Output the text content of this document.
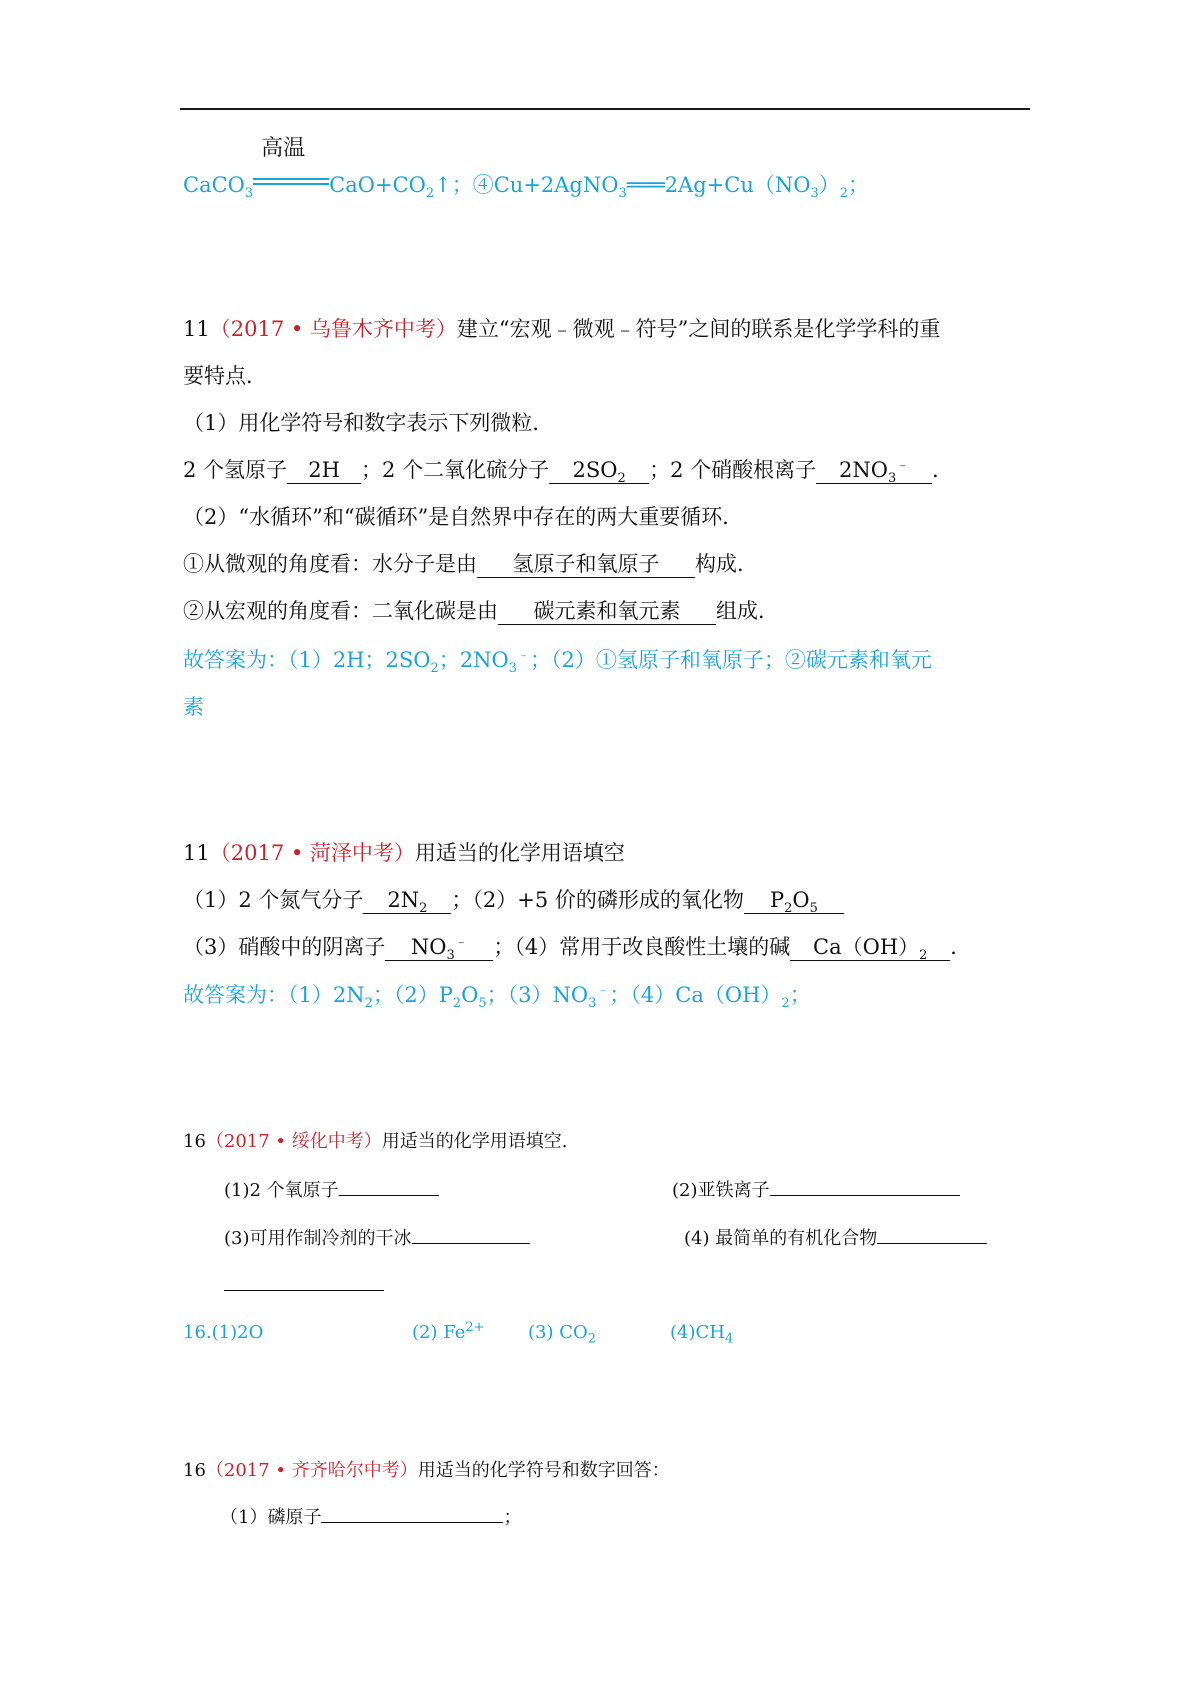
CaCO$_3$
高温
$CaO+CO_2↑$；$④Cu+2AgNO_3═══2Ag+Cu(NO_3)_2$；
11（2017 • 乌鲁木齐中考）建立“宏观﹣微观﹣符号”之间的联系是化学学科的重
要特点．
（1）用化学符号和数字表示下列微粒．
2 个氢原子 2H ；2 个二氧化硫分子 $2SO_2$ ；2 个硝酸根离子 $2NO_3^﹣$ ．
（2）“水循环”和“碳循环”是自然界中存在的两大重要循环．
①从微观的角度看：水分子是由 氢原子和氧原子 构成．
②从宏观的角度看：二氧化碳是由 碳元素和氧元素 组成．
故答案为：（1）2H；$2SO_2$；$2NO_3^﹣$；（2）①氢原子和氧原子；②碳元素和氧元
素
11（2017 • 菏泽中考）用适当的化学用语填空
（1）2 个氮气分子 $2N_2$ ；（2）+5 价的磷形成的氧化物 $P_2O_5$
（3）硝酸中的阴离子 $NO_3^﹣$ ；（4）常用于改良酸性土壤的碱 $Ca(OH)_2$ ．
故答案为：$(1)2N_2$；$(2)P_2O_5$；$(3)NO_3^﹣$；$(4)Ca(OH)_2$；
16（2017 • 绥化中考）用适当的化学用语填空.
(1)2 个氧原子	(2)亚铁离子
(3)可用作制冷剂的干冰	(4) 最简单的有机化合物
16.(1)2O	(2) $Fe^{2+}$ (3) $CO_2$	$(4)CH_4$
16（2017 • 齐齐哈尔中考）用适当的化学符号和数字回答：
（1）磷原子	；
